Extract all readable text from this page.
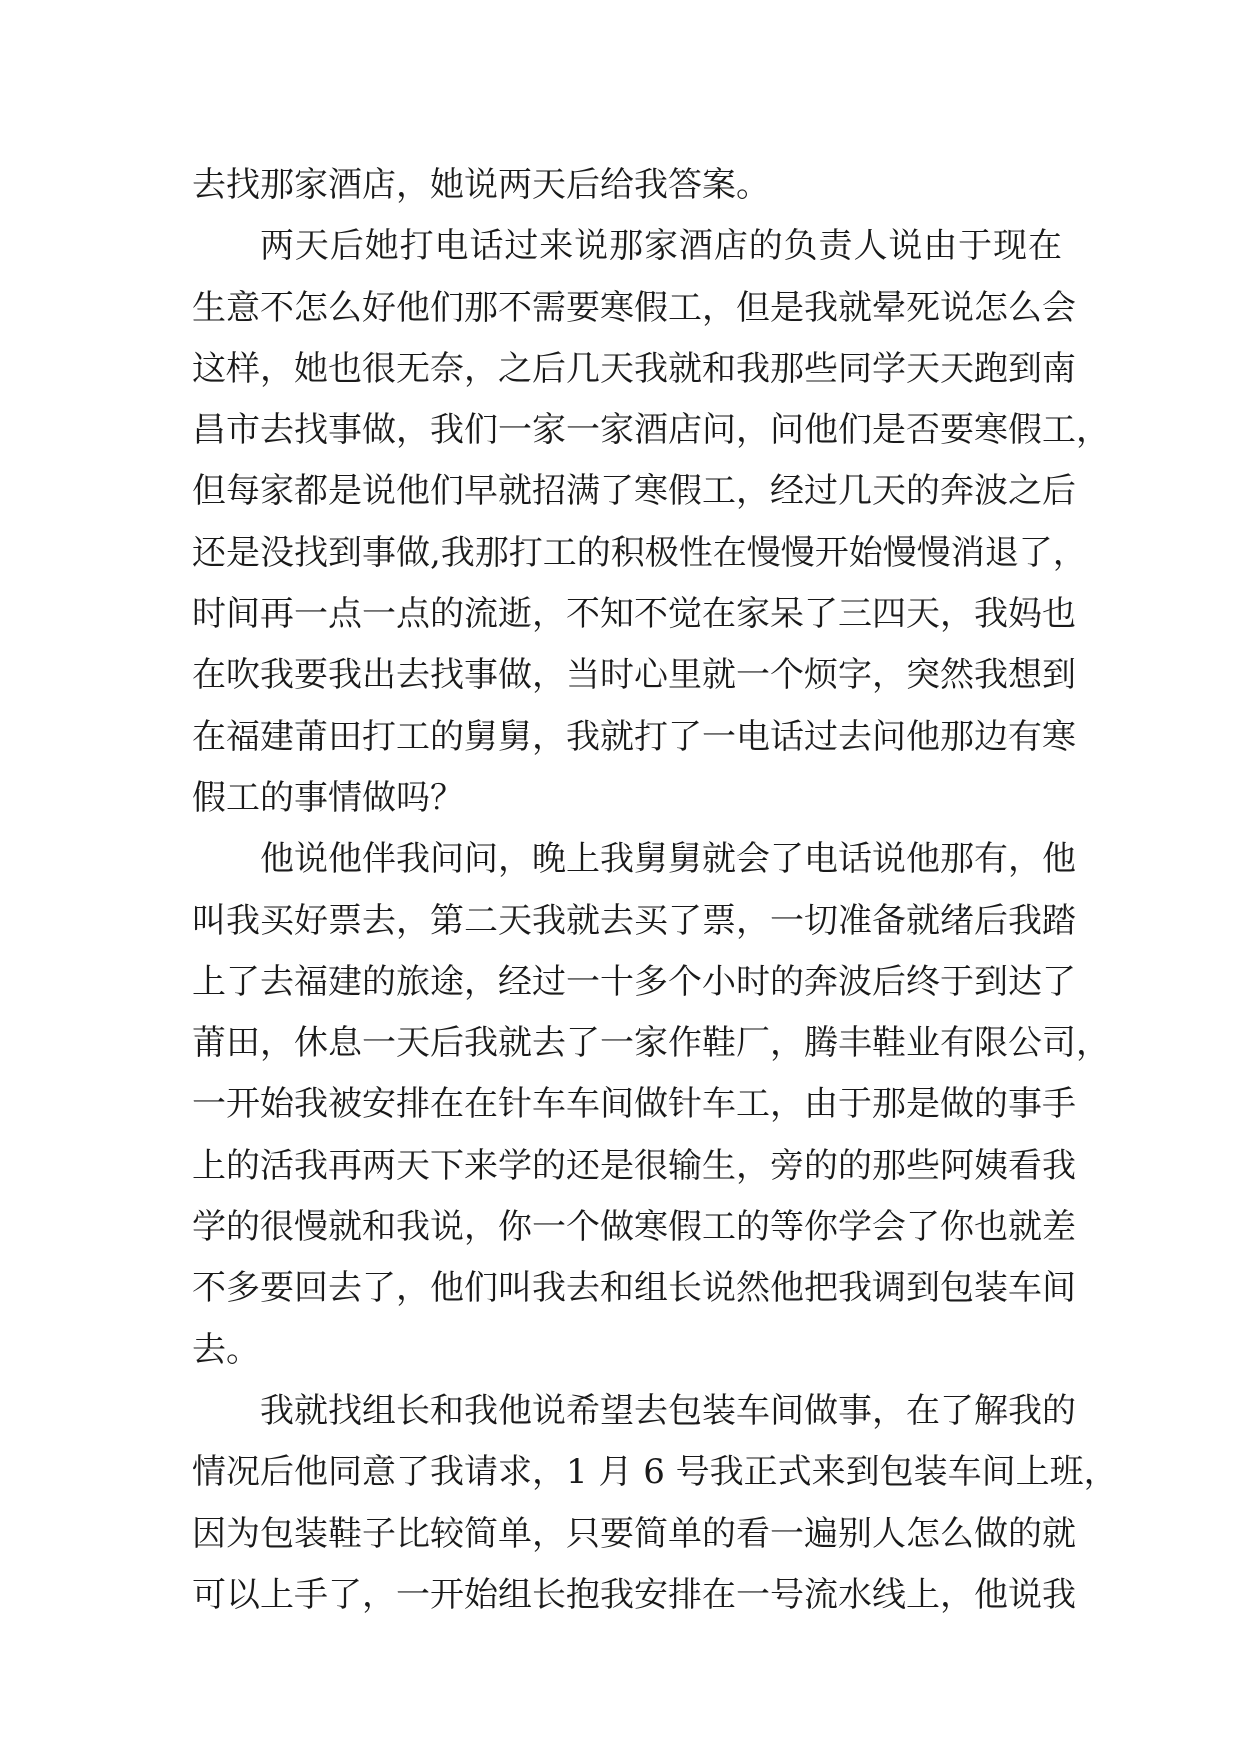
去找那家酒店，她说两天后给我答案。
两天后她打电话过来说那家酒店的负责人说由于现在
生意不怎么好他们那不需要寒假工，但是我就晕死说怎么会
这样，她也很无奈，之后几天我就和我那些同学天天跑到南
昌市去找事做，我们一家一家酒店问，问他们是否要寒假工，
但每家都是说他们早就招满了寒假工，经过几天的奔波之后
还是没找到事做,我那打工的积极性在慢慢开始慢慢消退了，
时间再一点一点的流逝，不知不觉在家呆了三四天，我妈也
在吹我要我出去找事做，当时心里就一个烦字，突然我想到
在福建莆田打工的舅舅，我就打了一电话过去问他那边有寒
假工的事情做吗？
他说他伴我问问，晚上我舅舅就会了电话说他那有，他
叫我买好票去，第二天我就去买了票，一切准备就绪后我踏
上了去福建的旅途，经过一十多个小时的奔波后终于到达了
莆田，休息一天后我就去了一家作鞋厂，腾丰鞋业有限公司，
一开始我被安排在在针车车间做针车工，由于那是做的事手
上的活我再两天下来学的还是很输生，旁的的那些阿姨看我
学的很慢就和我说，你一个做寒假工的等你学会了你也就差
不多要回去了，他们叫我去和组长说然他把我调到包装车间
去。
我就找组长和我他说希望去包装车间做事，在了解我的
情况后他同意了我请求，1 月 6 号我正式来到包装车间上班，
因为包装鞋子比较简单，只要简单的看一遍别人怎么做的就
可以上手了，一开始组长抱我安排在一号流水线上，他说我
